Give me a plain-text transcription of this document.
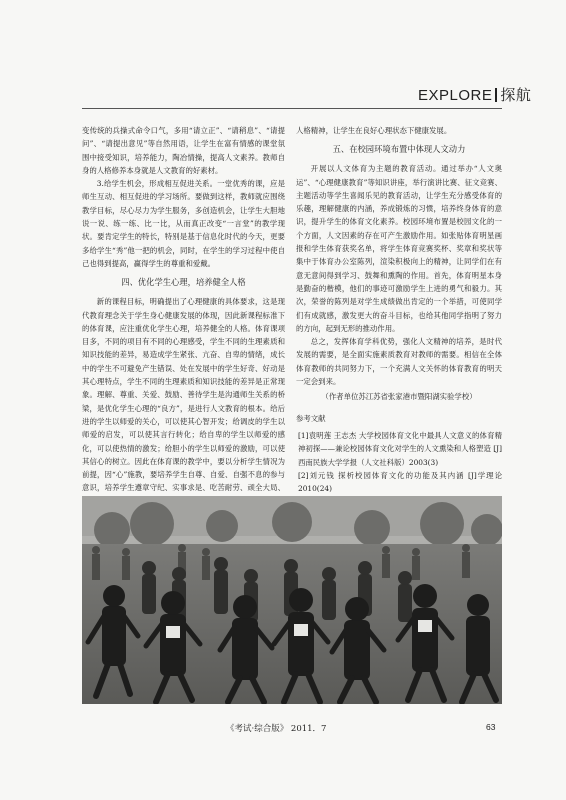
EXPLORE 探航

变传统的兵操式命令口气，多用“请立正”、“请稍息”、“请提问”、“请提出意见”等自然用语，让学生在富有情感的课堂氛围中接受知识，培养能力，陶冶情操，提高人文素养。教师自身的人格修养本身就是人文教育的好素材。

3.给学生机会，形成相互促进关系。一堂优秀的课，应是师生互动、相互促进的学习场所。要做到这样，教师就应围绕教学目标，尽心尽力为学生服务，多创造机会，让学生大胆地说一说、练一练、比一比，从而真正改变“一言堂”的教学现状。要肯定学生的特长，特别是基于信息化时代的今天，更要多给学生“秀”他一把的机会，同时，在学生的学习过程中使自己也得到提高，赢得学生的尊重和爱戴。

四、优化学生心理，培养健全人格

新的课程目标，明确提出了心理健康的具体要求，这是现代教育理念关于学生身心健康发展的体现，因此新课程标准下的体育课，应注重优化学生心理，培养健全的人格。体育课项目多，不同的项目有不同的心理感受，学生不同的生理素质和知识技能的差异，易造成学生紧张、亢奋、自卑的情绪，成长中的学生不可避免产生错误、处在发展中的学生好奇、好动是其心理特点，学生不同的生理素质和知识技能的差异是正常现象。理解、尊重、关爱、鼓励、善待学生是沟通师生关系的桥梁，是优化学生心理的“良方”，是进行人文教育的根本。给后进的学生以师爱的关心，可以使其心智开发；给调皮的学生以师爱的启发，可以使其言行转化；给自卑的学生以师爱的感化，可以使热情的激发；给胆小的学生以师爱的激励，可以使其信心的树立。因此在体育课的教学中，要以分析学生情况为前提，因“心”施教，要培养学生自尊、自爱、自强不息的参与意识，培养学生遵章守纪、实事求是、吃苦耐劳、顽全大局、

人格精神，让学生在良好心理状态下健康发展。

五、在校园环境布置中体现人文动力

开展以人文体育为主题的教育活动。通过举办“人文奥运”、“心理健康教育”等知识讲座，举行演讲比赛、征文竞赛、主题活动等学生喜闻乐见的教育活动，让学生充分感受体育的乐趣，理解健康的内涵，养成锻炼的习惯，培养终身体育的意识，提升学生的体育文化素养。校园环境布置是校园文化的一个方面，人文因素的存在可产生激励作用。如张贴体育明星画报和学生体育获奖名单，将学生体育竞赛奖杯、奖章和奖状等集中于体育办公室陈列，渲染积极向上的精神，让同学们在有意无意间得到学习、鼓舞和熏陶的作用。首先，体育明星本身是勤奋的楷模，他们的事迹可激励学生上进的勇气和毅力。其次，荣誉的陈列是对学生成绩做出肯定的一个举措，可使同学们有成就感，激发更大的奋斗目标，也给其他同学指明了努力的方向，起到无形的推动作用。

总之，发挥体育学科优势，强化人文精神的培养，是时代发展的需要，是全面实施素质教育对教师的需要。相信在全体体育教师的共同努力下，一个充满人文关怀的体育教育的明天一定会到来。

（作者单位苏江苏省张家港市暨阳湖实验学校）

参考文献

[1]袁明莲 王志杰 大学校园体育文化中最具人文意义的体育精神初探——兼论校园体育文化对学生的人文熏染和人格塑造 [J]西南民族大学学报（人文社科版）2003(3)

[2]刘元钱 探析校园体育文化的功能及其内涵 [J]学理论 2010(24)

《考试·综合版》 2011．7	63
